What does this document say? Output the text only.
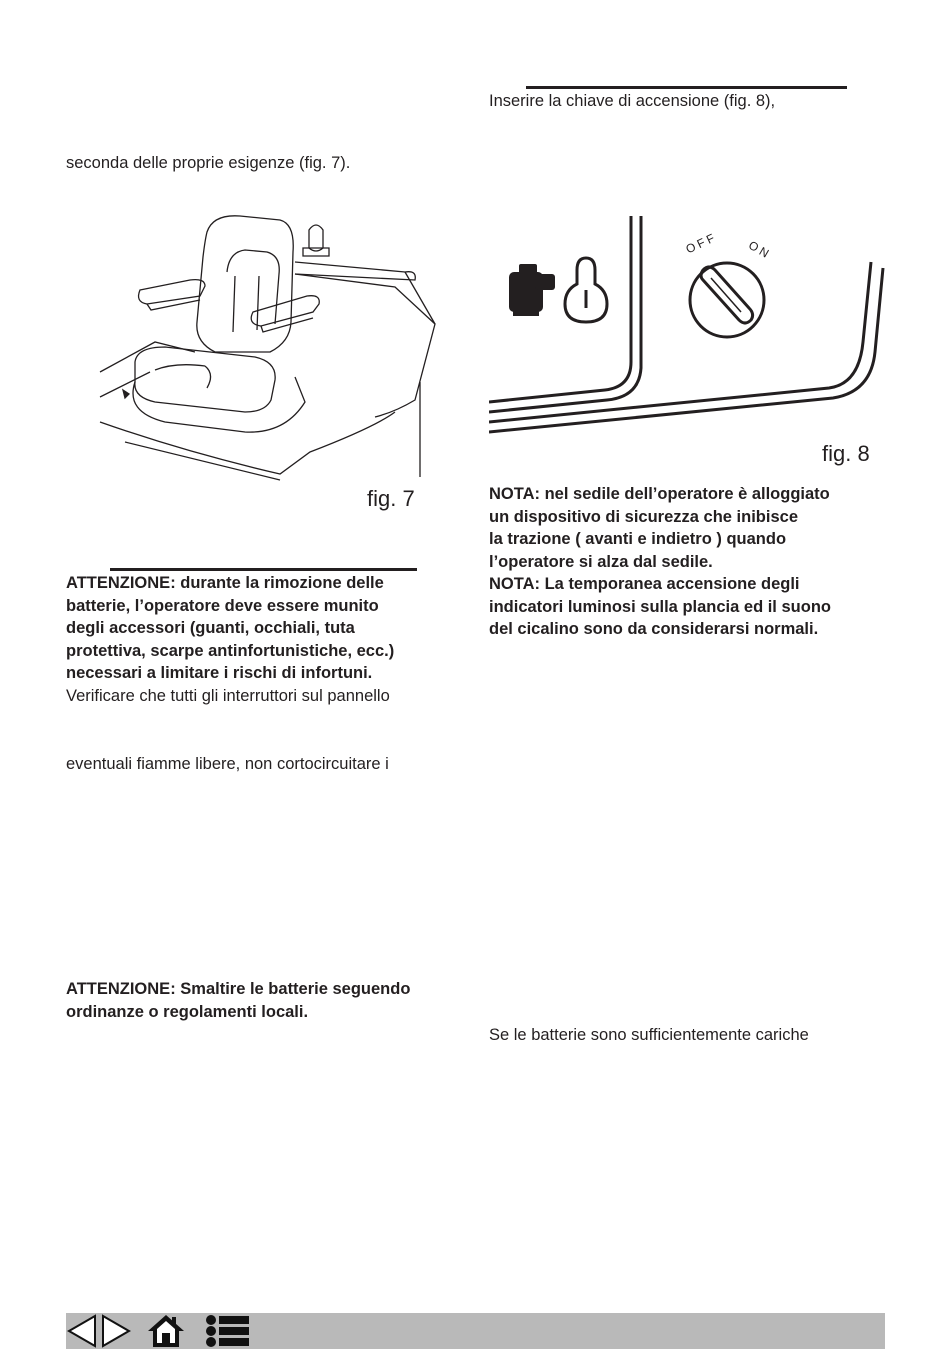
Inserire la chiave di accensione (fig. 8),
seconda delle proprie esigenze (fig. 7).
fig. 7
OFF ON
fig. 8
NOTA: nel sedile dell’operatore è alloggiato
un dispositivo di sicurezza che inibisce
la trazione ( avanti e indietro ) quando
l’operatore si alza dal sedile.
NOTA: La temporanea accensione degli
indicatori luminosi sulla plancia ed il suono
del cicalino sono da considerarsi normali.
ATTENZIONE: durante la rimozione delle
batterie, l’operatore deve essere munito
degli accessori (guanti, occhiali, tuta
protettiva, scarpe antinfortunistiche, ecc.)
necessari a limitare i rischi di infortuni.
Verificare che tutti gli interruttori sul pannello
eventuali fiamme libere, non cortocircuitare i
ATTENZIONE: Smaltire le batterie seguendo
ordinanze o regolamenti locali.
Se le batterie sono sufficientemente cariche
